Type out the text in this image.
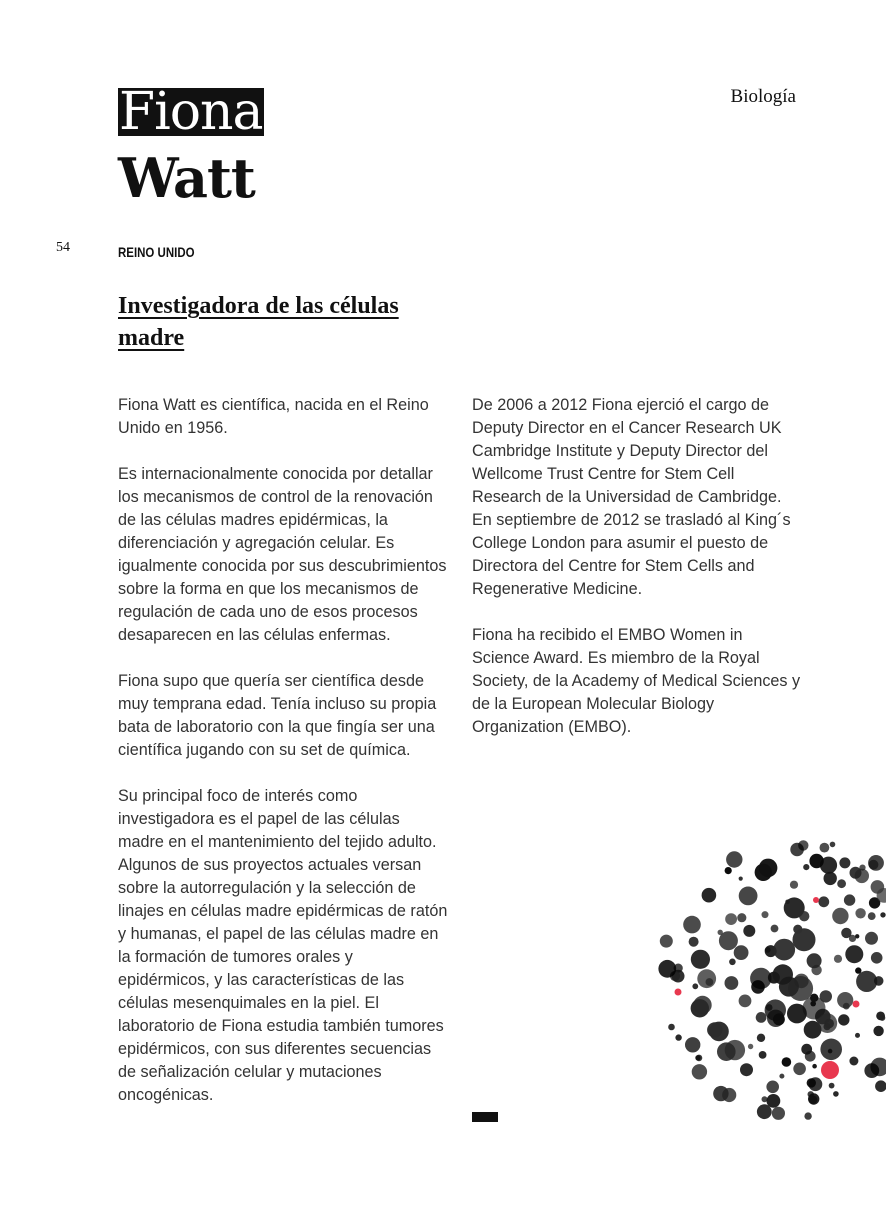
Fiona
Watt
Biología
54	REINO UNIDO
Investigadora de las células madre

Fiona Watt es científica, nacida en el Reino Unido en 1956.

Es internacionalmente conocida por detallar los mecanismos de control de la renovación de las células madres epidérmicas, la diferenciación y agregación celular. Es igualmente conocida por sus descubrimientos sobre la forma en que los mecanismos de regulación de cada uno de esos procesos desaparecen en las células enfermas.

Fiona supo que quería ser científica desde muy temprana edad. Tenía incluso su propia bata de laboratorio con la que fingía ser una científica jugando con su set de química.

Su principal foco de interés como investigadora es el papel de las células madre en el mantenimiento del tejido adulto. Algunos de sus proyectos actuales versan sobre la autorregulación y la selección de linajes en células madre epidérmicas de ratón y humanas, el papel de las células madre en la formación de tumores orales y epidérmicos, y las características de las células mesenquimales en la piel. El laboratorio de Fiona estudia también tumores epidérmicos, con sus diferentes secuencias de señalización celular y mutaciones oncogénicas.

De 2006 a 2012 Fiona ejerció el cargo de Deputy Director en el Cancer Research UK Cambridge Institute y Deputy Director del Wellcome Trust Centre for Stem Cell Research de la Universidad de Cambridge. En septiembre de 2012 se trasladó al King´s College London para asumir el puesto de Directora del Centre for Stem Cells and Regenerative Medicine.

Fiona ha recibido el EMBO Women in Science Award. Es miembro de la Royal Society, de la Academy of Medical Sciences y de la European Molecular Biology Organization (EMBO).
